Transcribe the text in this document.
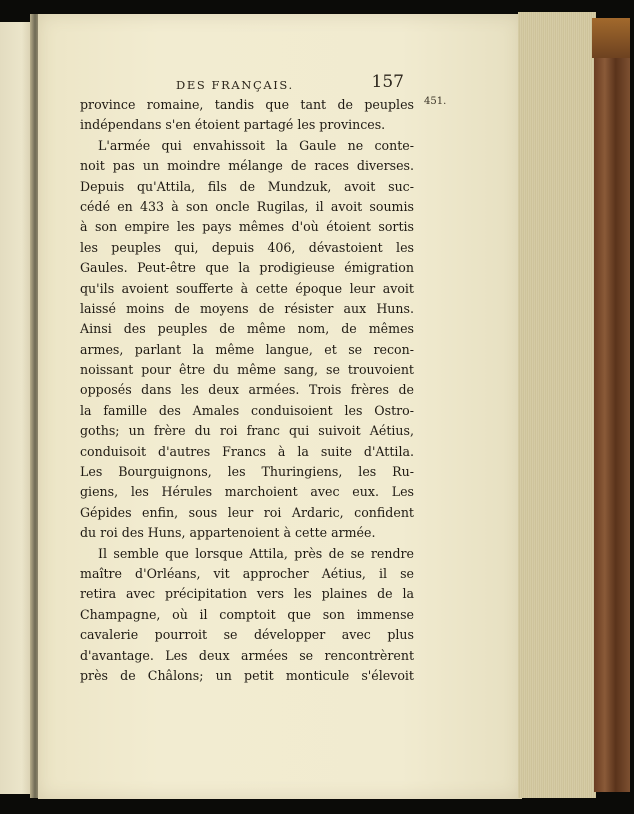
DES FRANÇAIS.	157
451.
province romaine, tandis que tant de peuples
indépendans s'en étoient partagé les provinces.
L'armée qui envahissoit la Gaule ne conte-
noit pas un moindre mélange de races diverses.
Depuis qu'Attila, fils de Mundzuk, avoit suc-
cédé en 433 à son oncle Rugilas, il avoit soumis
à son empire les pays mêmes d'où étoient sortis
les peuples qui, depuis 406, dévastoient les
Gaules. Peut-être que la prodigieuse émigration
qu'ils avoient soufferte à cette époque leur avoit
laissé moins de moyens de résister aux Huns.
Ainsi des peuples de même nom, de mêmes
armes, parlant la même langue, et se recon-
noissant pour être du même sang, se trouvoient
opposés dans les deux armées. Trois frères de
la famille des Amales conduisoient les Ostro-
goths; un frère du roi franc qui suivoit Aétius,
conduisoit d'autres Francs à la suite d'Attila.
Les Bourguignons, les Thuringiens, les Ru-
giens, les Hérules marchoient avec eux. Les
Gépides enfin, sous leur roi Ardaric, confident
du roi des Huns, appartenoient à cette armée.
Il semble que lorsque Attila, près de se rendre
maître d'Orléans, vit approcher Aétius, il se
retira avec précipitation vers les plaines de la
Champagne, où il comptoit que son immense
cavalerie pourroit se développer avec plus
d'avantage. Les deux armées se rencontrèrent
près de Châlons; un petit monticule s'élevoit
